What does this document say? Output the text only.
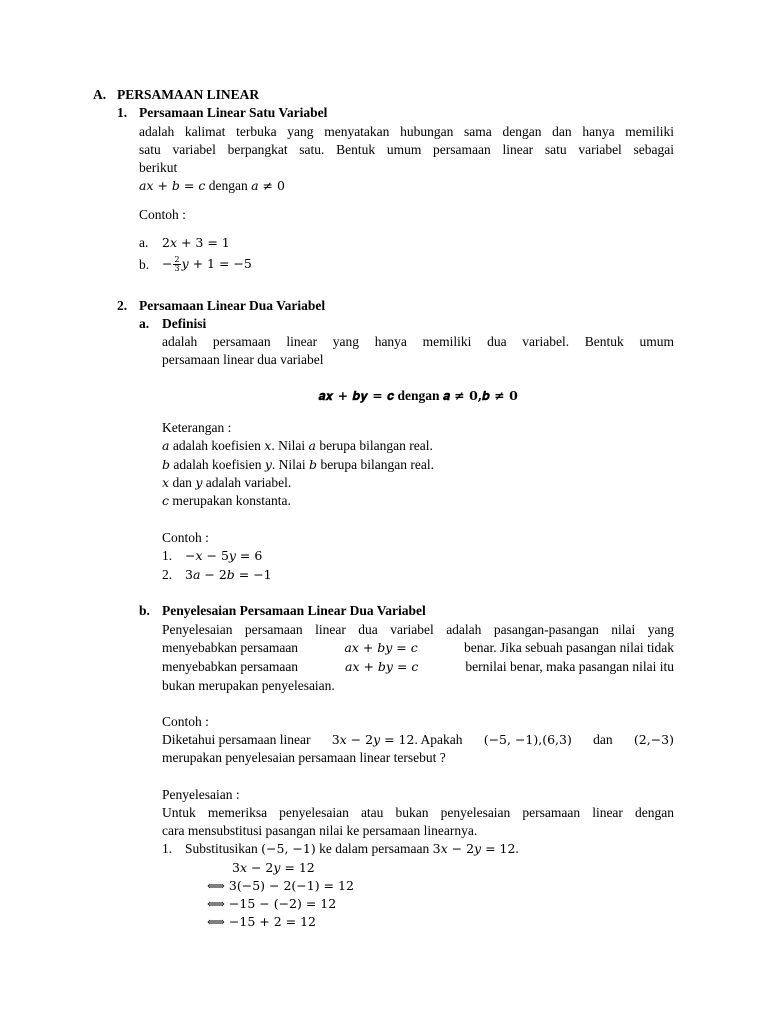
A. PERSAMAAN LINEAR
1. Persamaan Linear Satu Variabel
adalah kalimat terbuka yang menyatakan hubungan sama dengan dan hanya memiliki
satu variabel berpangkat satu. Bentuk umum persamaan linear satu variabel sebagai
berikut
𝑎𝑥 + 𝑏 = 𝑐 dengan 𝑎 ≠ 0
Contoh :
a. 2𝑥 + 3 = 1
b. − $\frac{2}{3}$ 𝑦 + 1 = −5
2. Persamaan Linear Dua Variabel
a. Definisi
adalah persamaan linear yang hanya memiliki dua variabel. Bentuk umum
persamaan linear dua variabel
𝒂𝒙 + 𝒃𝒚 = 𝒄 dengan 𝒂 ≠ 𝟎,𝒃 ≠ 𝟎
Keterangan :
𝑎 adalah koefisien 𝑥. Nilai 𝑎 berupa bilangan real.
𝑏 adalah koefisien 𝑦. Nilai 𝑏 berupa bilangan real.
𝑥 dan 𝑦 adalah variabel.
𝑐 merupakan konstanta.
Contoh :
1. −𝑥 − 5𝑦 = 6
2. 3𝑎 − 2𝑏 = −1
b. Penyelesaian Persamaan Linear Dua Variabel
Penyelesaian persamaan linear dua variabel adalah pasangan-pasangan nilai yang
menyebabkan persamaan	𝑎𝑥 + 𝑏𝑦 = 𝑐	benar. Jika sebuah pasangan nilai tidak
menyebabkan persamaan	𝑎𝑥 + 𝑏𝑦 = 𝑐	bernilai benar, maka pasangan nilai itu
bukan merupakan penyelesaian.
Contoh :
Diketahui persamaan linear 3𝑥 − 2𝑦 = 12. Apakah (−5, −1),(6,3) dan (2,−3)
merupakan penyelesaian persamaan linear tersebut ?
Penyelesaian :
Untuk memeriksa penyelesaian atau bukan penyelesaian persamaan linear dengan
cara mensubstitusi pasangan nilai ke persamaan linearnya.
1. Substitusikan (−5, −1) ke dalam persamaan 3𝑥 − 2𝑦 = 12.
3𝑥 − 2𝑦 = 12
⟺ 3(−5) − 2(−1) = 12
⟺ −15 − (−2) = 12
⟺ −15 + 2 = 12
